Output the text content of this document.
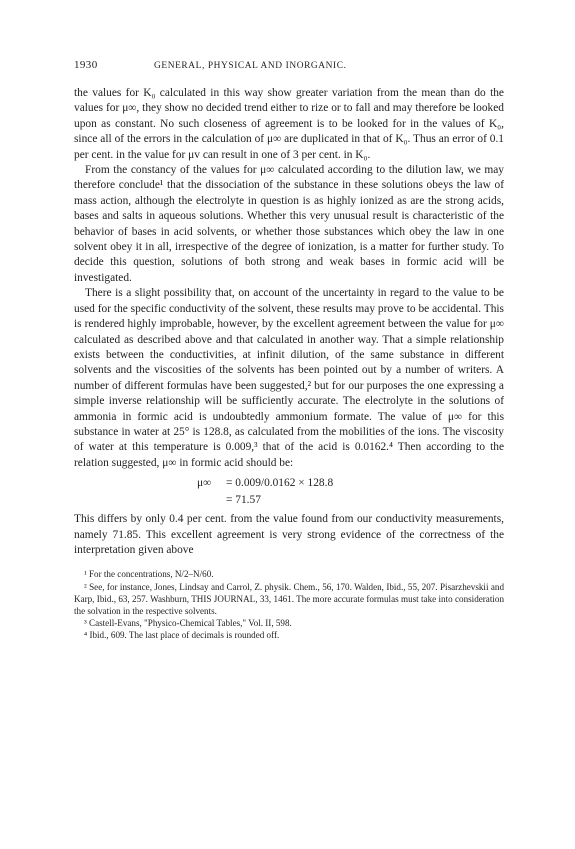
1930	GENERAL, PHYSICAL AND INORGANIC.

the values for K₀ calculated in this way show greater variation from the mean than do the values for μ∞, they show no decided trend either to rize or to fall and may therefore be looked upon as constant. No such closeness of agreement is to be looked for in the values of K₀, since all of the errors in the calculation of μ∞ are duplicated in that of K₀. Thus an error of 0.1 per cent. in the value for μv can result in one of 3 per cent. in K₀.

From the constancy of the values for μ∞ calculated according to the dilution law, we may therefore conclude¹ that the dissociation of the substance in these solutions obeys the law of mass action, although the electrolyte in question is as highly ionized as are the strong acids, bases and salts in aqueous solutions. Whether this very unusual result is characteristic of the behavior of bases in acid solvents, or whether those substances which obey the law in one solvent obey it in all, irrespective of the degree of ionization, is a matter for further study. To decide this question, solutions of both strong and weak bases in formic acid will be investigated.

There is a slight possibility that, on account of the uncertainty in regard to the value to be used for the specific conductivity of the solvent, these results may prove to be accidental. This is rendered highly improbable, however, by the excellent agreement between the value for μ∞ calculated as described above and that calculated in another way. That a simple relationship exists between the conductivities, at infinit dilution, of the same substance in different solvents and the viscosities of the solvents has been pointed out by a number of writers. A number of different formulas have been suggested,² but for our purposes the one expressing a simple inverse relationship will be sufficiently accurate. The electrolyte in the solutions of ammonia in formic acid is undoubtedly ammonium formate. The value of μ∞ for this substance in water at 25° is 128.8, as calculated from the mobilities of the ions. The viscosity of water at this temperature is 0.009,³ that of the acid is 0.0162.⁴ Then according to the relation suggested, μ∞ in formic acid should be:

μ∞ = 0.009/0.0162 × 128.8
= 71.57

This differs by only 0.4 per cent. from the value found from our conductivity measurements, namely 71.85. This excellent agreement is very strong evidence of the correctness of the interpretation given above

¹ For the concentrations, N/2–N/60.

² See, for instance, Jones, Lindsay and Carrol, Z. physik. Chem., 56, 170. Walden, Ibid., 55, 207. Pisarzhevskii and Karp, Ibid., 63, 257. Washburn, THIS JOURNAL, 33, 1461. The more accurate formulas must take into consideration the solvation in the respective solvents.

³ Castell-Evans, "Physico-Chemical Tables," Vol. II, 598.

⁴ Ibid., 609. The last place of decimals is rounded off.
